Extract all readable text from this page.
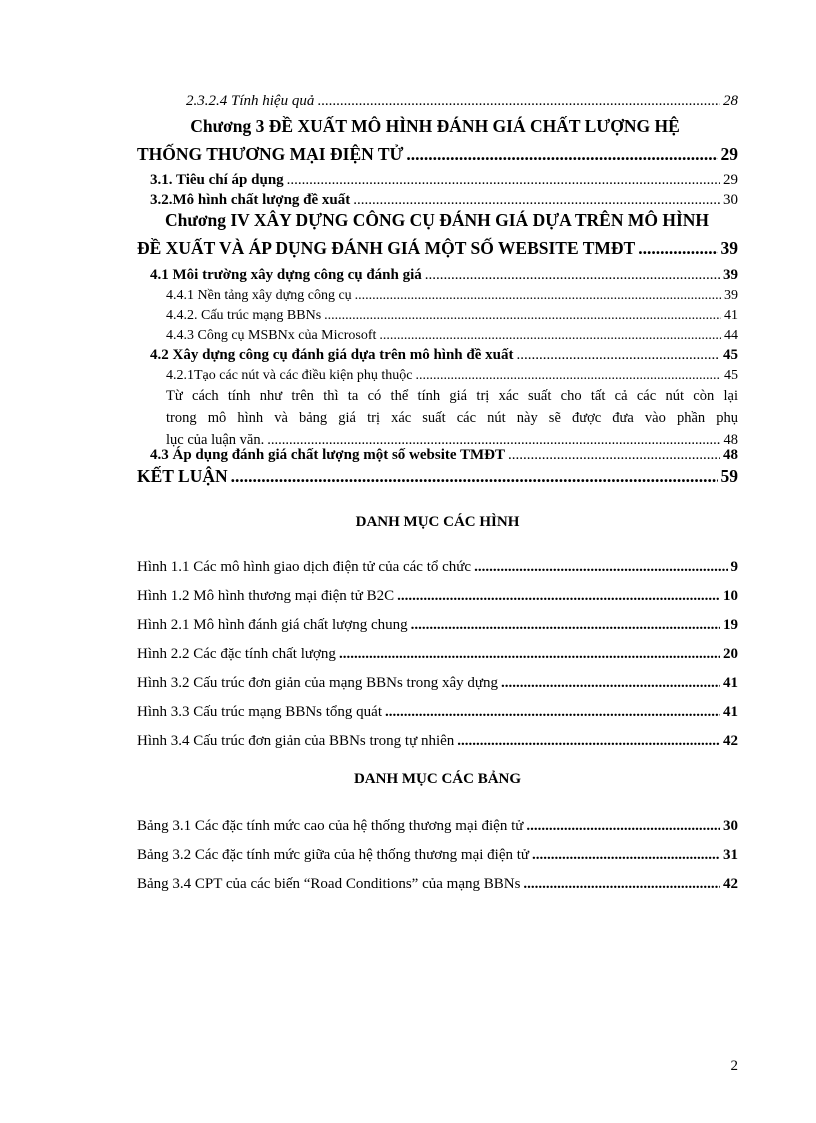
2.3.2.4 Tính hiệu quả .....	28
Chương 3 ĐỀ XUẤT MÔ HÌNH ĐÁNH GIÁ CHẤT LƯỢNG HỆ
THỐNG THƯƠNG MẠI ĐIỆN TỬ .....	29
3.1. Tiêu chí áp dụng .....	29
3.2.Mô hình chất lượng đề xuất .....	30
Chương IV XÂY DỰNG CÔNG CỤ ĐÁNH GIÁ DỰA TRÊN MÔ HÌNH
ĐỀ XUẤT VÀ ÁP DỤNG ĐÁNH GIÁ MỘT SỐ WEBSITE TMĐT .....	39
4.1 Môi trường xây dựng công cụ đánh giá .....	39
4.4.1 Nền tảng xây dựng công cụ .....	39
4.4.2. Cấu trúc mạng BBNs .....	41
4.4.3 Công cụ MSBNx của Microsoft .....	44
4.2 Xây dựng công cụ đánh giá dựa trên mô hình đề xuất .....	45
4.2.1Tạo các nút và các điều kiện phụ thuộc .....	45
Từ cách tính như trên thì ta có thể tính giá trị xác suất cho tất cả các nút còn lại
trong mô hình và bảng giá trị xác suất các nút này sẽ được đưa vào phần phụ
lục của luận văn. .....	48
4.3 Áp dụng đánh giá chất lượng một số website TMĐT .....	48
KẾT LUẬN .....	59
DANH MỤC CÁC HÌNH
Hình 1.1 Các mô hình giao dịch điện tử của các tổ chức .....	9
Hình 1.2 Mô hình thương mại điện tử B2C .....	10
Hình 2.1 Mô hình đánh giá chất lượng chung .....	19
Hình 2.2 Các đặc tính chất lượng .....	20
Hình 3.2 Cấu trúc đơn giản của mạng BBNs trong xây dựng .....	41
Hình 3.3 Cấu trúc mạng BBNs tổng quát .....	41
Hình 3.4 Cấu trúc đơn giản của BBNs trong tự nhiên .....	42
DANH MỤC CÁC BẢNG
Bảng 3.1 Các đặc tính mức cao của hệ thống thương mại điện tử .....	30
Bảng 3.2 Các đặc tính mức giữa của hệ thống thương mại điện tử .....	31
Bảng 3.4 CPT của các biến “Road Conditions” của mạng BBNs .....	42
2
